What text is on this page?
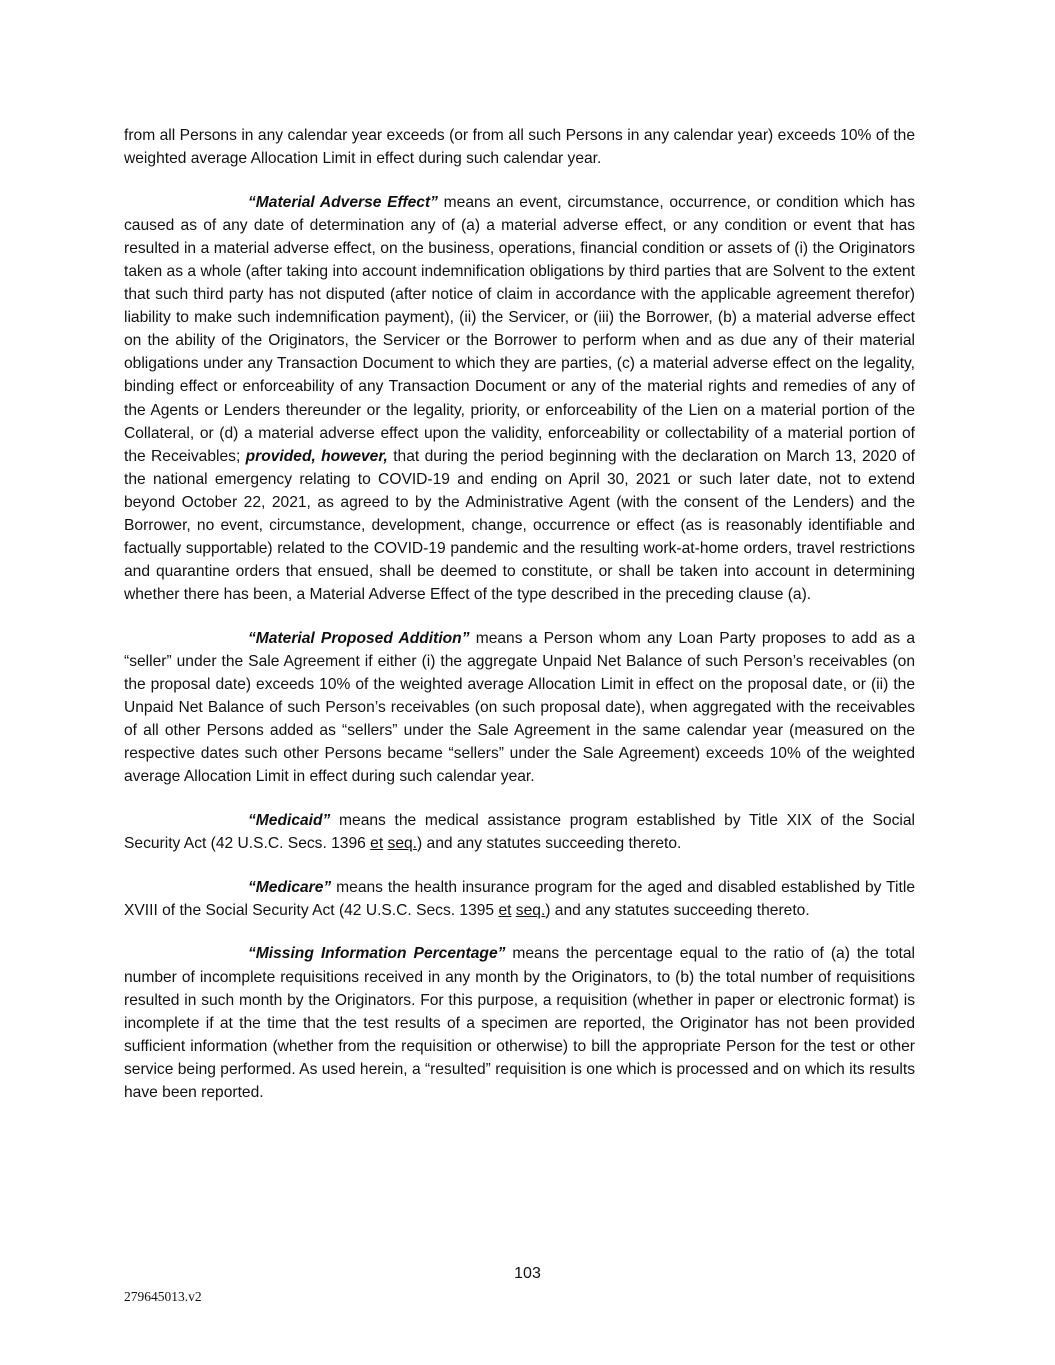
from all Persons in any calendar year exceeds (or from all such Persons in any calendar year) exceeds 10% of the weighted average Allocation Limit in effect during such calendar year.

“Material Adverse Effect” means an event, circumstance, occurrence, or condition which has caused as of any date of determination any of (a) a material adverse effect, or any condition or event that has resulted in a material adverse effect, on the business, operations, financial condition or assets of (i) the Originators taken as a whole (after taking into account indemnification obligations by third parties that are Solvent to the extent that such third party has not disputed (after notice of claim in accordance with the applicable agreement therefor) liability to make such indemnification payment), (ii) the Servicer, or (iii) the Borrower, (b) a material adverse effect on the ability of the Originators, the Servicer or the Borrower to perform when and as due any of their material obligations under any Transaction Document to which they are parties, (c) a material adverse effect on the legality, binding effect or enforceability of any Transaction Document or any of the material rights and remedies of any of the Agents or Lenders thereunder or the legality, priority, or enforceability of the Lien on a material portion of the Collateral, or (d) a material adverse effect upon the validity, enforceability or collectability of a material portion of the Receivables; provided, however, that during the period beginning with the declaration on March 13, 2020 of the national emergency relating to COVID-19 and ending on April 30, 2021 or such later date, not to extend beyond October 22, 2021, as agreed to by the Administrative Agent (with the consent of the Lenders) and the Borrower, no event, circumstance, development, change, occurrence or effect (as is reasonably identifiable and factually supportable) related to the COVID-19 pandemic and the resulting work-at-home orders, travel restrictions and quarantine orders that ensued, shall be deemed to constitute, or shall be taken into account in determining whether there has been, a Material Adverse Effect of the type described in the preceding clause (a).

“Material Proposed Addition” means a Person whom any Loan Party proposes to add as a “seller” under the Sale Agreement if either (i) the aggregate Unpaid Net Balance of such Person’s receivables (on the proposal date) exceeds 10% of the weighted average Allocation Limit in effect on the proposal date, or (ii) the Unpaid Net Balance of such Person’s receivables (on such proposal date), when aggregated with the receivables of all other Persons added as “sellers” under the Sale Agreement in the same calendar year (measured on the respective dates such other Persons became “sellers” under the Sale Agreement) exceeds 10% of the weighted average Allocation Limit in effect during such calendar year.

“Medicaid” means the medical assistance program established by Title XIX of the Social Security Act (42 U.S.C. Secs. 1396 et seq.) and any statutes succeeding thereto.

“Medicare” means the health insurance program for the aged and disabled established by Title XVIII of the Social Security Act (42 U.S.C. Secs. 1395 et seq.) and any statutes succeeding thereto.

“Missing Information Percentage” means the percentage equal to the ratio of (a) the total number of incomplete requisitions received in any month by the Originators, to (b) the total number of requisitions resulted in such month by the Originators. For this purpose, a requisition (whether in paper or electronic format) is incomplete if at the time that the test results of a specimen are reported, the Originator has not been provided sufficient information (whether from the requisition or otherwise) to bill the appropriate Person for the test or other service being performed. As used herein, a “resulted” requisition is one which is processed and on which its results have been reported.

103
279645013.v2
